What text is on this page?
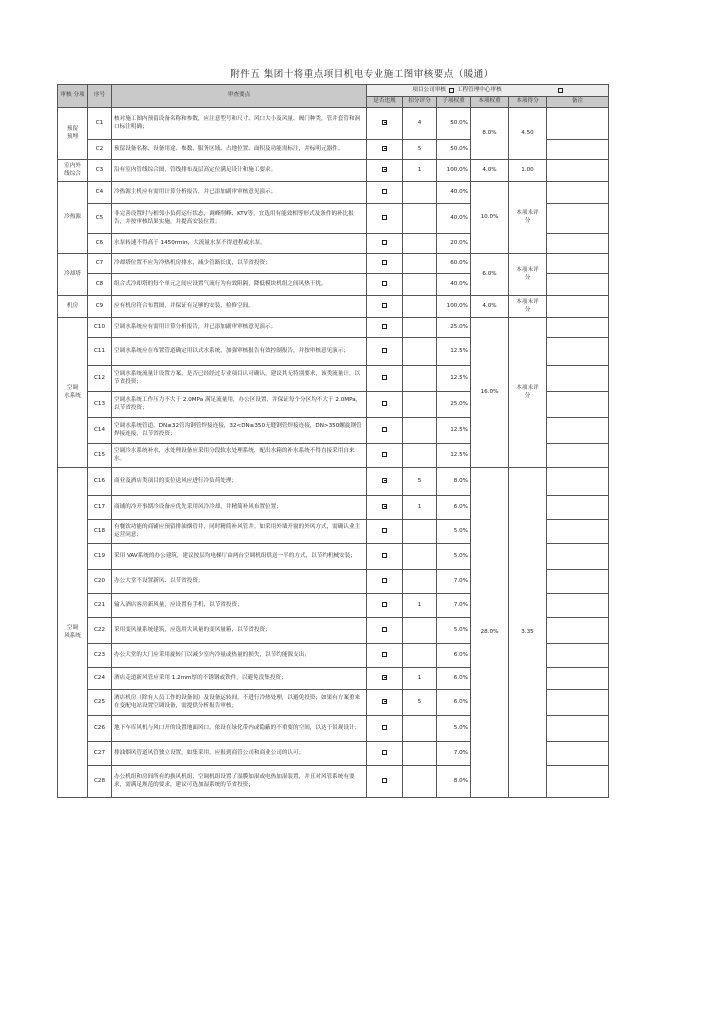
附件五 集团十将重点项目机电专业施工图审核要点（暖通）
审核 分项	序号	审查要点	项目公司审核 工程管理中心审核					

			是否违规	扣分评分	子项权重	本项权重	本项得分	备注
预留
预埋	C1	核对施工图内预留设备名称和参数，应注意型号和尺寸、风口大小及风量、阀门种类，管井套管和洞口标注明确；		4	50.0%	8.0%	4.50	
	C2	预留设备名称、设备用途、参数、服务区域、占地位置、面积及功能需标注，并标明元器件。		5	50.0%			
室内外
线综合	C3	沿有室内管线综合图，管线排布及层高定位满足设计和施工要求。		1	100.0%	4.0%	1.00	
冷热源	C4	冷热源主机应有需用计算分析报告，并已添加副审审核意见演示；			40.0%	10.0%	本项未评
分	
	C5	非完善设置时与相邻小负荷运行状态，调峰削峰、KTV等，宜选用有能效相等形式及条件的补比报告，并按审核结果实施，并提高安装位置；			40.0%			
	C6	水泵转速不得高于 1450rmin，大流量水泵不得进程或水泵。			20.0%			
冷却塔	C7	冷却塔位置不应为冷热机房排水，减少管路长度，以节省投资；			60.0%	6.0%	本项未评
分	
	C8	组合式冷却塔的每个单元之间应设置气流行为有效阻隔，降低模块机组之间风热干扰。			40.0%			
机房	C9	应有机房符合布置图，并保证有足够的安装、检修空间。			100.0%	4.0%	本项未评
分	
空调
水系统	C10	空调水系统应有需用计算分析报告，并已添加副审审核意见演示；			25.0%	16.0%	本项未评
分	
	C11	空调水系统应在布置管道确定用以式水系统，加强审核报告有效控制报告，并按审核意见演示；			12.5%			
	C12	空调水系统流量计设置方案，是否已经经过专业项目认可确认，建议其无特别要求，该类流量计，以节省投资；			12.5%			
	C13	空调水系统工作压力不大于 2.0MPa 满足流量用，办公区设置，并保证每个分区均不大于 2.0MPa，以节省投资；			25.0%			
	C14	空调水系统管道，DN≤32管沟钢管焊接连接，32<DN≤350无缝钢管焊接连接，DN>350螺旋钢管焊接连接，以节省投资；			12.5%			
	C15	空调冷水系统补水，水处理设备应采用分段软水处理系统，配出水箱的补水系统不得直接采用自来水。			12.5%			
空调
风系统	C16	商业及酒店类项目的变位送风应进行冷负荷处理；		5	8.0%	28.0%	3.35	
	C17	商铺的冷开事期冷设备应优先采用风冷冷却，并精简补风布置位置；		1	6.0%			
	C18	有餐饮功能的商铺应预留排油烟管井，同时精简补风管井。如采用外墙开窗的外风方式，需确认业主运营同意；			5.0%			
	C19	采用 VAV系统的办公建筑，建议按层均电梯厅由两台空调机组供送一半的方式，以节约机械安装；			5.0%			
	C20	办公大堂不设置新风、以节省投资；			7.0%			
	C21	输入酒店客房新风量，应设置有手机，以节省投资；		1	7.0%			
	C22	采用变风量系统建筑，应选用大风量的变风量箱，以节省投资；			5.0%			
	C23	办公大堂的大门应采用旋转门以减少室内冷量或热量的损失，以节约能源支出；			6.0%			
	C24	酒店走道新风管应采用 1.2mm厚的不锈钢或铁件，以避免没集投资；		1	6.0%			
	C25	酒店机房（除有人员工作的设备间）及设备运转间，不进行冷热处理，以避免投资；如果有方案重来在变配电站设置空调设备，需提供分析报告审核；		5	6.0%			
	C26	地下车库风机与风口开的设置地面风口，依设在绿化带内或隐蔽的不重要的空间，以达于景观设计；			5.0%			
	C27	排油烟风管道风管独立设置，如集采用，应报到商管公司和商业公司的认可；			7.0%			
	C28	办公机组和房间所有的换风机组，空调机组设置了湿膜加湿或电热加湿装置，并且对风管系统有要求，需满足规范的要求，建议可选加湿系统的节省投资；			8.0%			
